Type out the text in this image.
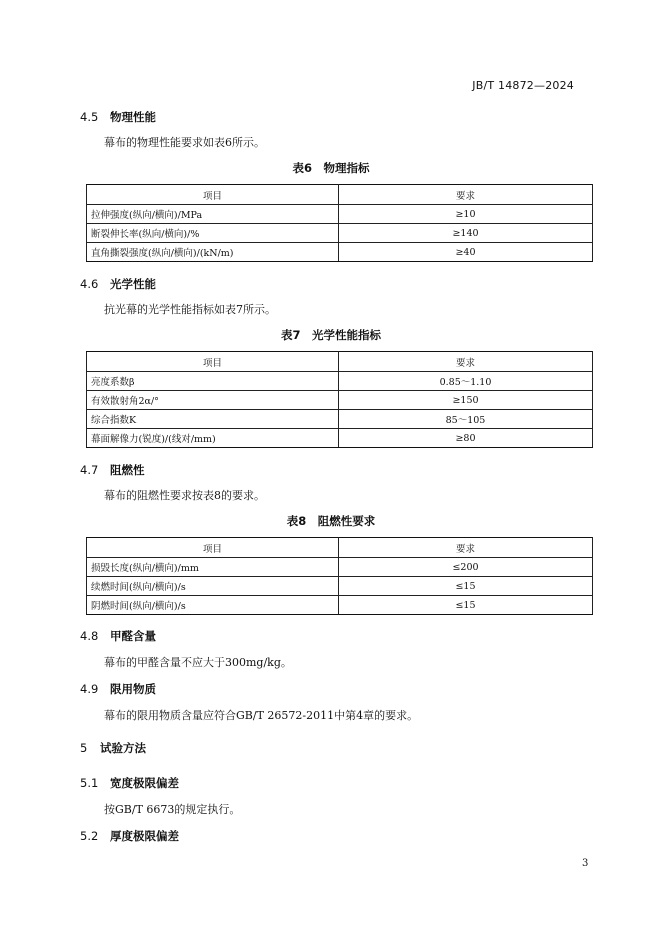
JB/T 14872—2024
4.5 物理性能
幕布的物理性能要求如表6所示。
表6　物理指标
项目	要求
拉伸强度(纵向/横向)/MPa	≥10
断裂伸长率(纵向/横向)/%	≥140
直角撕裂强度(纵向/横向)/(kN/m)	≥40
4.6 光学性能
抗光幕的光学性能指标如表7所示。
表7　光学性能指标
项目	要求
亮度系数β	0.85～1.10
有效散射角2α/°	≥150
综合指数K	85～105
幕面解像力(锐度)/(线对/mm)	≥80
4.7 阻燃性
幕布的阻燃性要求按表8的要求。
表8　阻燃性要求
项目	要求
损毁长度(纵向/横向)/mm	≤200
续燃时间(纵向/横向)/s	≤15
阴燃时间(纵向/横向)/s	≤15
4.8 甲醛含量
幕布的甲醛含量不应大于300mg/kg。
4.9 限用物质
幕布的限用物质含量应符合GB/T 26572-2011中第4章的要求。
5 试验方法
5.1 宽度极限偏差
按GB/T 6673的规定执行。
5.2 厚度极限偏差
3
